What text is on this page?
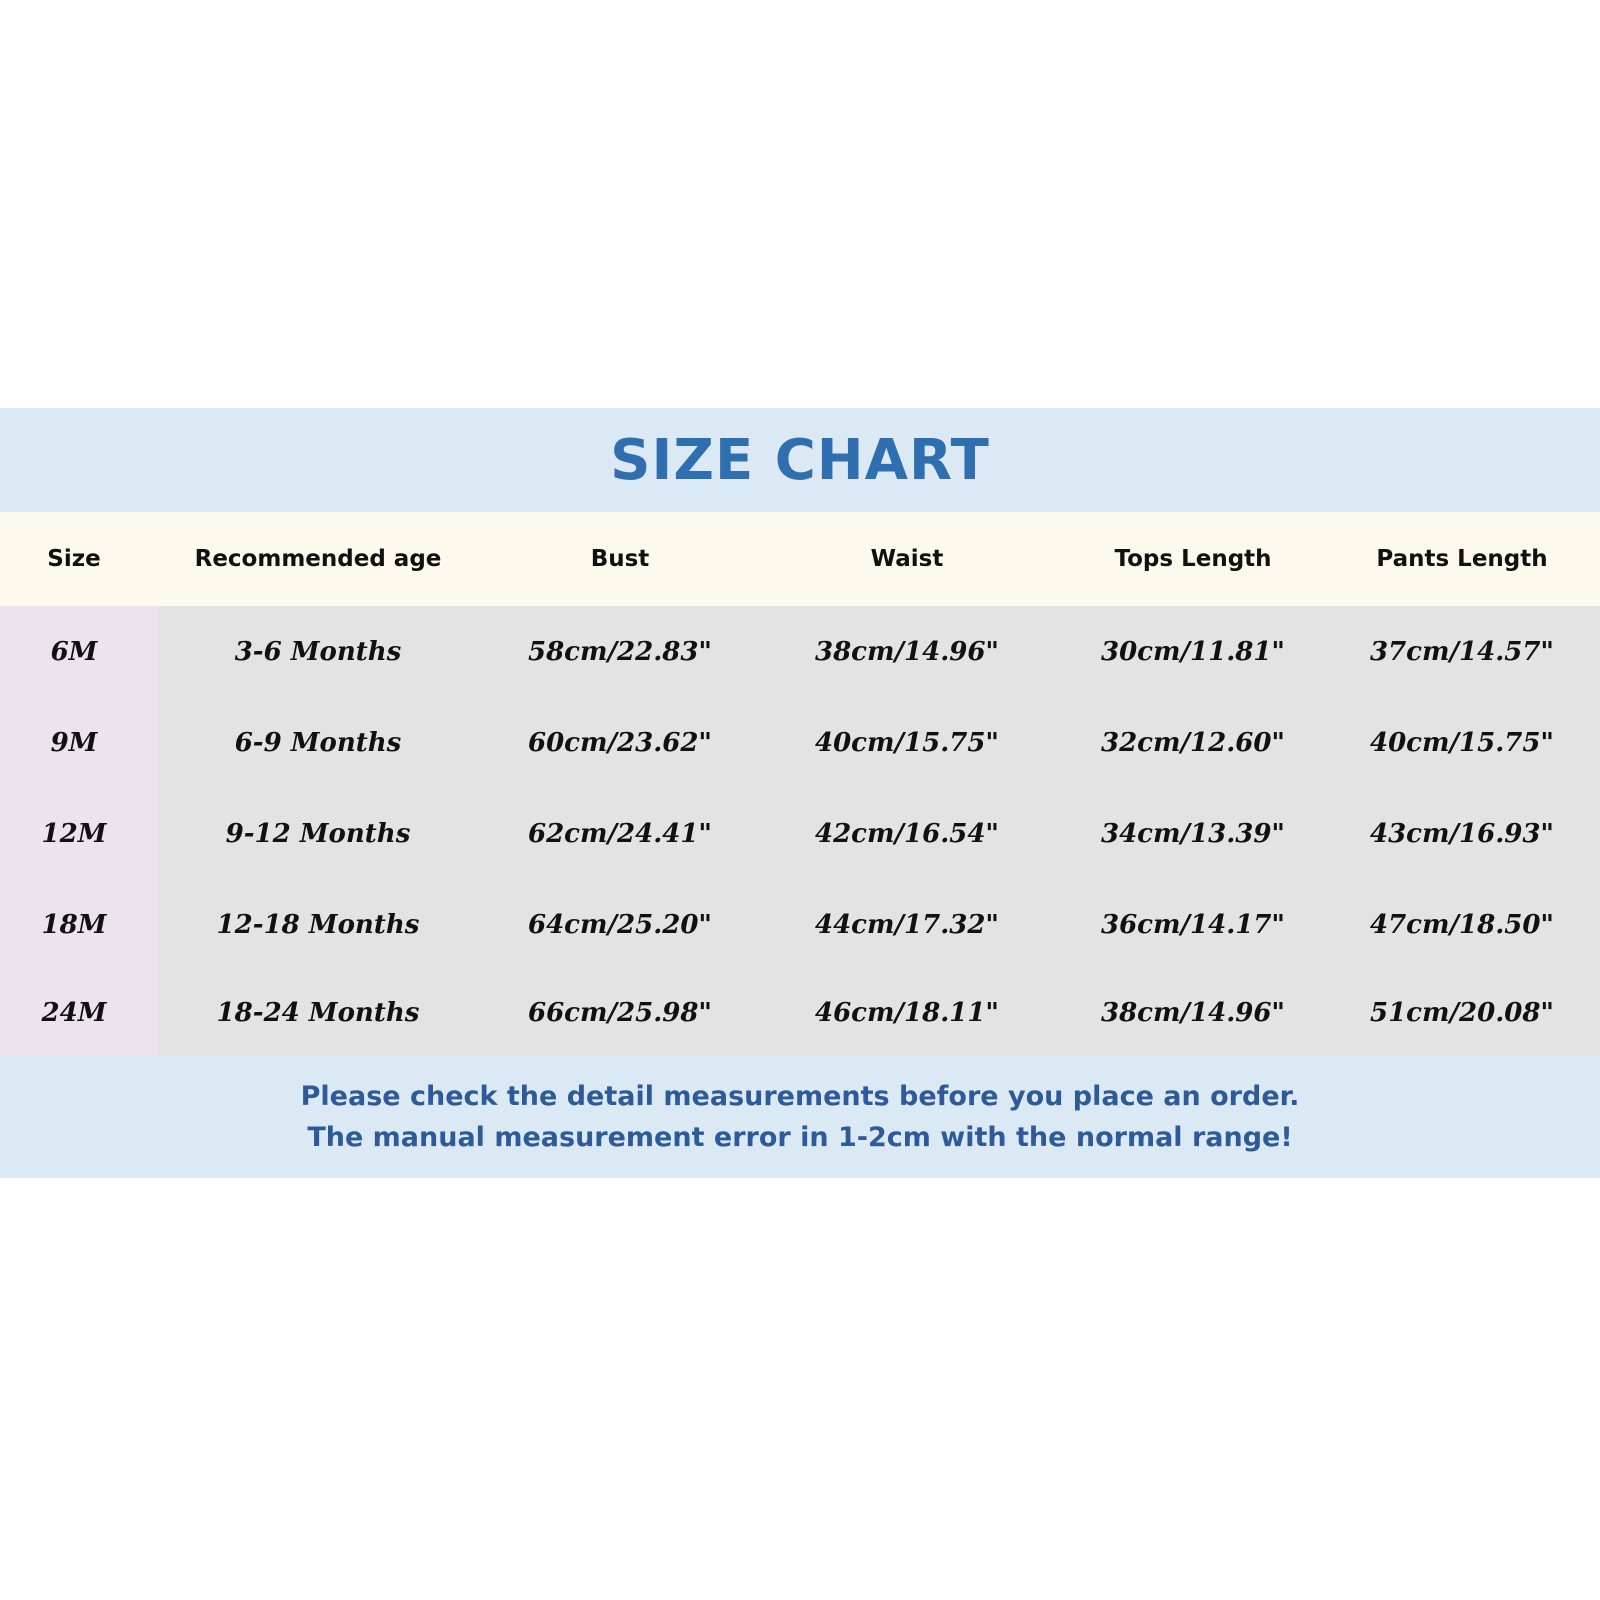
SIZE CHART
Size	Recommended age	Bust	Waist	Tops Length	Pants Length
6M	3-6 Months	58cm/22.83"	38cm/14.96"	30cm/11.81"	37cm/14.57"
9M	6-9 Months	60cm/23.62"	40cm/15.75"	32cm/12.60"	40cm/15.75"
12M	9-12 Months	62cm/24.41"	42cm/16.54"	34cm/13.39"	43cm/16.93"
18M	12-18 Months	64cm/25.20"	44cm/17.32"	36cm/14.17"	47cm/18.50"
24M	18-24 Months	66cm/25.98"	46cm/18.11"	38cm/14.96"	51cm/20.08"

Please check the detail measurements before you place an order.

The manual measurement error in 1-2cm with the normal range!
